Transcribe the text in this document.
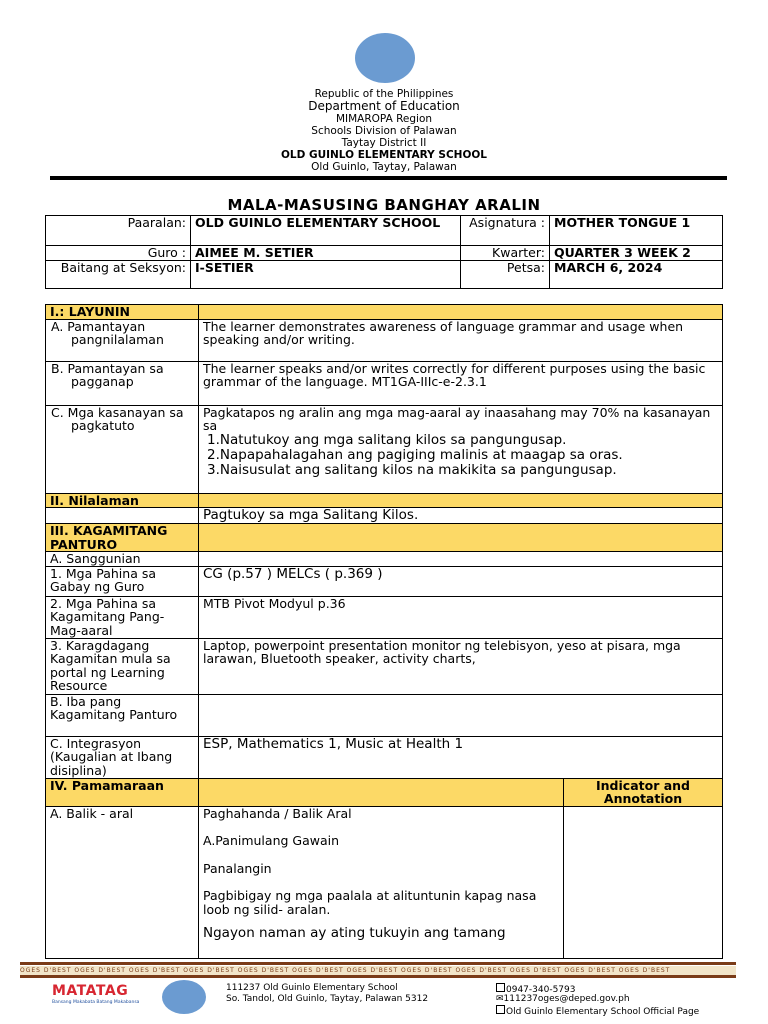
Republic of the Philippines
Department of Education
MIMAROPA Region
Schools Division of Palawan
Taytay District II
OLD GUINLO ELEMENTARY SCHOOL
Old Guinlo, Taytay, Palawan
MALA-MASUSING BANGHAY ARALIN
Paaralan:	OLD GUINLO ELEMENTARY SCHOOL	Asignatura :	MOTHER TONGUE 1
Guro :	AIMEE M. SETIER	Kwarter:	QUARTER 3 WEEK 2
Baitang at Seksyon:	I-SETIER	Petsa:	MARCH 6, 2024
I.: LAYUNIN		
A. Pamantayan pangnilalaman	The learner demonstrates awareness of language grammar and usage when speaking and/or writing.	
B. Pamantayan sa pagganap	The learner speaks and/or writes correctly for different purposes using the basic grammar of the language. MT1GA-IIIc-e-2.3.1	
C. Mga kasanayan sa pagkatuto	Pagkatapos ng aralin ang mga mag-aaral ay inaasahang may 70% na kasanayan sa
1.Natutukoy ang mga salitang kilos sa pangungusap.
2.Napapahalagahan ang pagiging malinis at maagap sa oras.
3.Naisusulat ang salitang kilos na makikita sa pangungusap.	

II. Nilalaman		
	Pagtukoy sa mga Salitang Kilos.	
III. KAGAMITANG PANTURO		
A. Sanggunian		
1. Mga Pahina sa Gabay ng Guro	CG (p.57 ) MELCs ( p.369 )	
2. Mga Pahina sa Kagamitang Pang-Mag-aaral	MTB Pivot Modyul p.36	
3. Karagdagang Kagamitan mula sa portal ng Learning Resource	Laptop, powerpoint presentation monitor ng telebisyon, yeso at pisara, mga larawan, Bluetooth speaker, activity charts,	
B. Iba pang Kagamitang Panturo		
C. Integrasyon (Kaugalian at Ibang disiplina)	ESP, Mathematics 1, Music at Health 1	
IV. Pamamaraan		Indicator and Annotation
A. Balik - aral	Paghahanda / Balik Aral
A.Panimulang Gawain
Panalangin
Pagbibigay ng mga paalala at alituntunin kapag nasa loob ng silid- aralan.
Ngayon naman ay ating tukuyin ang tamang	

OGES D'BEST OGES D'BEST OGES D'BEST OGES D'BEST OGES D'BEST OGES D'BEST OGES D'BEST OGES D'BEST OGES D'BEST OGES D'BEST OGES D'BEST OGES D'BEST
MATATAG
Bansang Makabata Batang Makabansa
111237 Old Guinlo Elementary School
So. Tandol, Old Guinlo, Taytay, Palawan 5312
0947-340-5793
✉111237oges@deped.gov.ph
Old Guinlo Elementary School Official Page
